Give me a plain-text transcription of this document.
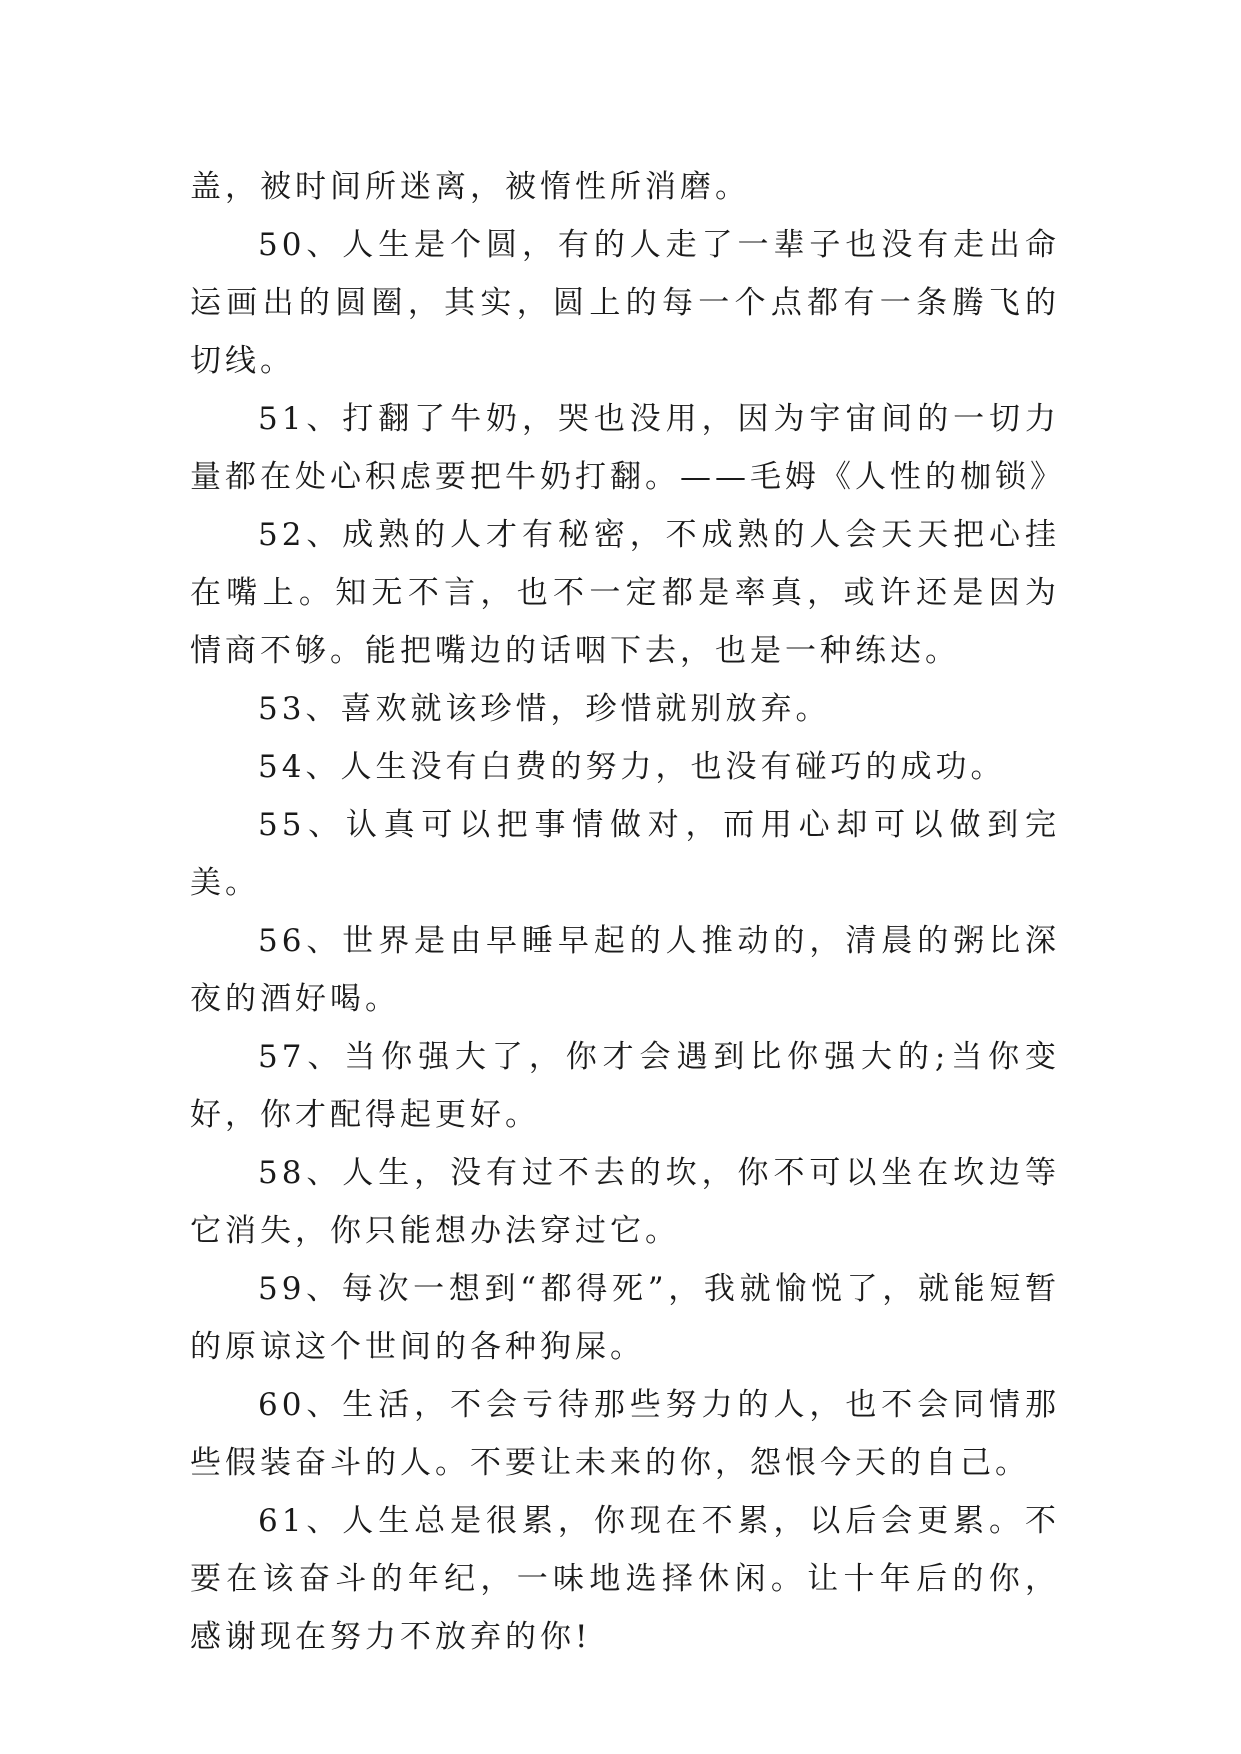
盖，被时间所迷离，被惰性所消磨。

50、人生是个圆，有的人走了一辈子也没有走出命运画出的圆圈，其实，圆上的每一个点都有一条腾飞的切线。

51、打翻了牛奶，哭也没用，因为宇宙间的一切力量都在处心积虑要把牛奶打翻。——毛姆《人性的枷锁》

52、成熟的人才有秘密，不成熟的人会天天把心挂在嘴上。知无不言，也不一定都是率真，或许还是因为情商不够。能把嘴边的话咽下去，也是一种练达。

53、喜欢就该珍惜，珍惜就别放弃。

54、人生没有白费的努力，也没有碰巧的成功。

55、认真可以把事情做对，而用心却可以做到完美。

56、世界是由早睡早起的人推动的，清晨的粥比深夜的酒好喝。

57、当你强大了，你才会遇到比你强大的;当你变好，你才配得起更好。

58、人生，没有过不去的坎，你不可以坐在坎边等它消失，你只能想办法穿过它。

59、每次一想到“都得死”，我就愉悦了，就能短暂的原谅这个世间的各种狗屎。

60、生活，不会亏待那些努力的人，也不会同情那些假装奋斗的人。不要让未来的你，怨恨今天的自己。

61、人生总是很累，你现在不累，以后会更累。不要在该奋斗的年纪，一味地选择休闲。让十年后的你，感谢现在努力不放弃的你!
